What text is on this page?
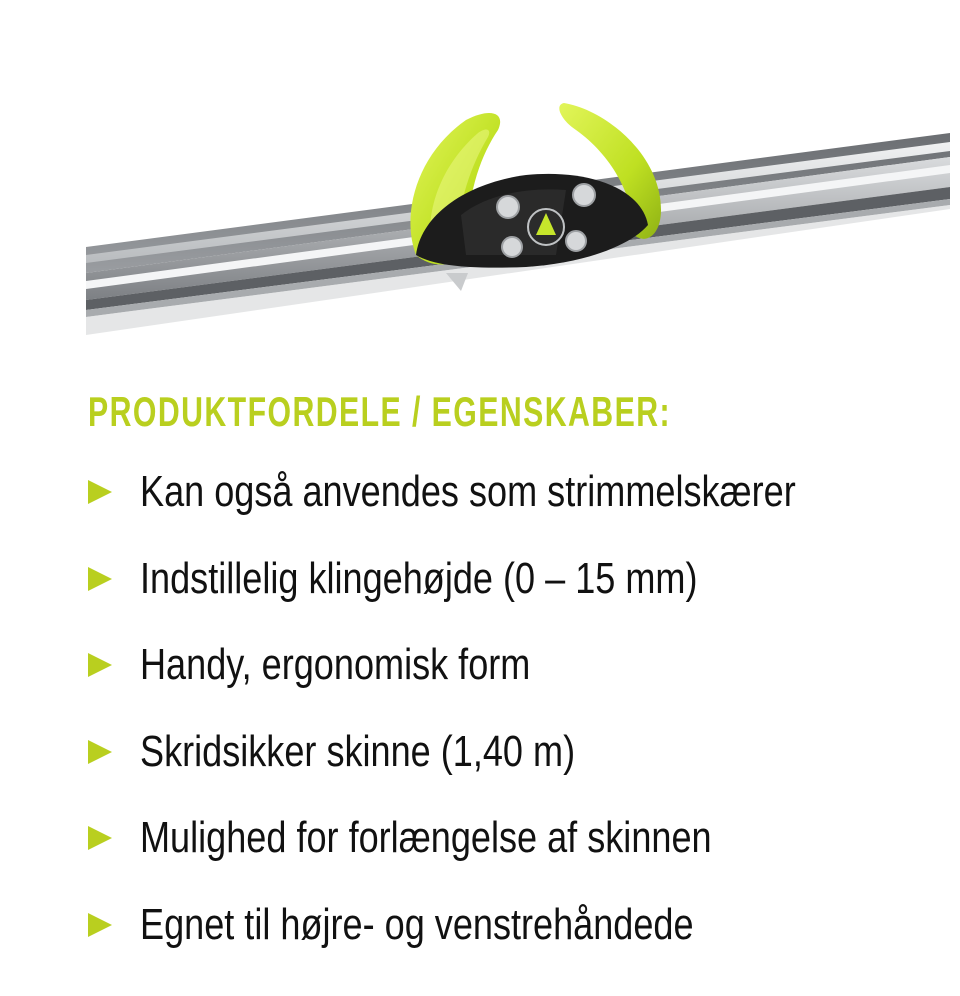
PRODUKTFORDELE / EGENSKABER:
Kan også anvendes som strimmelskærer
Indstillelig klingehøjde (0 – 15 mm)
Handy, ergonomisk form
Skridsikker skinne (1,40 m)
Mulighed for forlængelse af skinnen
Egnet til højre- og venstrehåndede
